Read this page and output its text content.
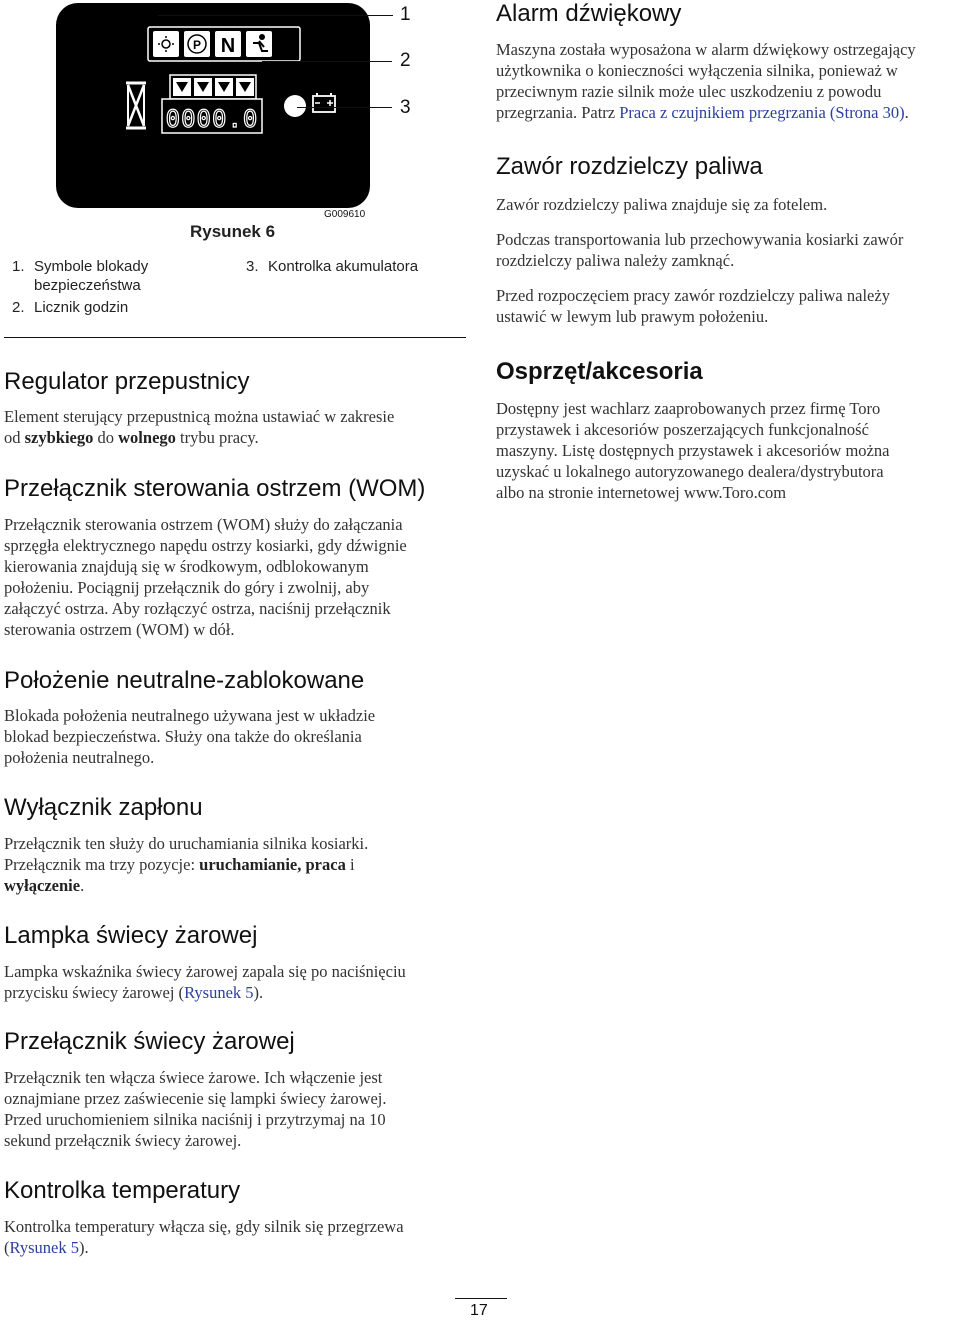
P N
0000.0
1
2
3
G009610
Rysunek 6
1. Symbole blokady
bezpieczeństwa
2. Licznik godzin
3. Kontrolka akumulatora
Regulator przepustnicy

Element sterujący przepustnicą można ustawiać w zakresie
od szybkiego do wolnego trybu pracy.

Przełącznik sterowania ostrzem (WOM)

Przełącznik sterowania ostrzem (WOM) służy do załączania
sprzęgła elektrycznego napędu ostrzy kosiarki, gdy dźwignie
kierowania znajdują się w środkowym, odblokowanym
położeniu. Pociągnij przełącznik do góry i zwolnij, aby
załączyć ostrza. Aby rozłączyć ostrza, naciśnij przełącznik
sterowania ostrzem (WOM) w dół.

Położenie neutralne-zablokowane

Blokada położenia neutralnego używana jest w układzie
blokad bezpieczeństwa. Służy ona także do określania
położenia neutralnego.

Wyłącznik zapłonu

Przełącznik ten służy do uruchamiania silnika kosiarki.
Przełącznik ma trzy pozycje: uruchamianie, praca i
wyłączenie.

Lampka świecy żarowej

Lampka wskaźnika świecy żarowej zapala się po naciśnięciu
przycisku świecy żarowej (Rysunek 5).

Przełącznik świecy żarowej

Przełącznik ten włącza świece żarowe. Ich włączenie jest
oznajmiane przez zaświecenie się lampki świecy żarowej.
Przed uruchomieniem silnika naciśnij i przytrzymaj na 10
sekund przełącznik świecy żarowej.

Kontrolka temperatury

Kontrolka temperatury włącza się, gdy silnik się przegrzewa
(Rysunek 5).

Alarm dźwiękowy

Maszyna została wyposażona w alarm dźwiękowy ostrzegający
użytkownika o konieczności wyłączenia silnika, ponieważ w
przeciwnym razie silnik może ulec uszkodzeniu z powodu
przegrzania. Patrz Praca z czujnikiem przegrzania (Strona 30).

Zawór rozdzielczy paliwa

Zawór rozdzielczy paliwa znajduje się za fotelem.

Podczas transportowania lub przechowywania kosiarki zawór
rozdzielczy paliwa należy zamknąć.

Przed rozpoczęciem pracy zawór rozdzielczy paliwa należy
ustawić w lewym lub prawym położeniu.

Osprzęt/akcesoria

Dostępny jest wachlarz zaaprobowanych przez firmę Toro
przystawek i akcesoriów poszerzających funkcjonalność
maszyny. Listę dostępnych przystawek i akcesoriów można
uzyskać u lokalnego autoryzowanego dealera/dystrybutora
albo na stronie internetowej www.Toro.com

17
